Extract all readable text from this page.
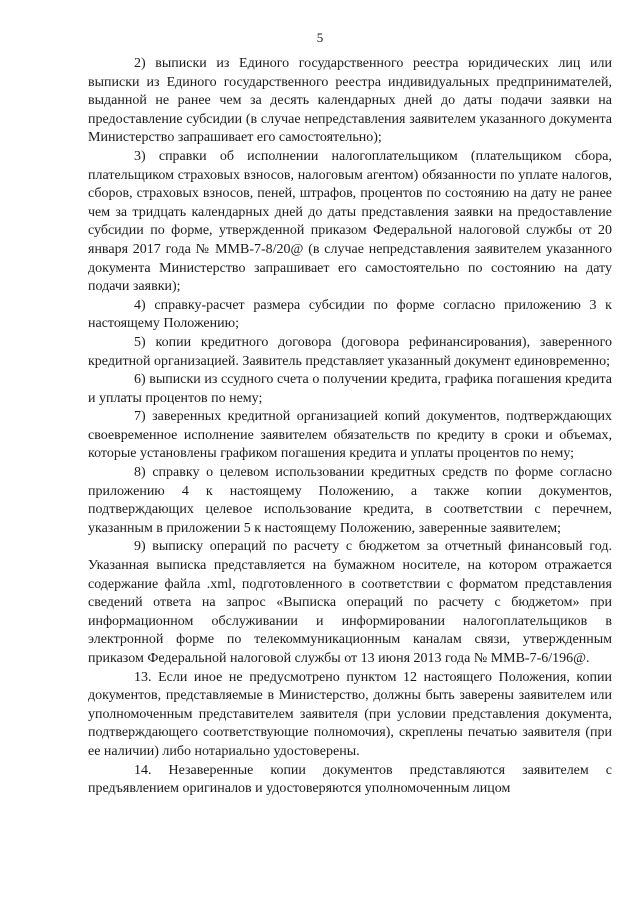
5

2) выписки из Единого государственного реестра юридических лиц или выписки из Единого государственного реестра индивидуальных предпринимателей, выданной не ранее чем за десять календарных дней до даты подачи заявки на предоставление субсидии (в случае непредставления заявителем указанного документа Министерство запрашивает его самостоятельно);

3) справки об исполнении налогоплательщиком (плательщиком сбора, плательщиком страховых взносов, налоговым агентом) обязанности по уплате налогов, сборов, страховых взносов, пеней, штрафов, процентов по состоянию на дату не ранее чем за тридцать календарных дней до даты представления заявки на предоставление субсидии по форме, утвержденной приказом Федеральной налоговой службы от 20 января 2017 года № ММВ-7-8/20@ (в случае непредставления заявителем указанного документа Министерство запрашивает его самостоятельно по состоянию на дату подачи заявки);

4) справку-расчет размера субсидии по форме согласно приложению 3 к настоящему Положению;

5) копии кредитного договора (договора рефинансирования), заверенного кредитной организацией. Заявитель представляет указанный документ единовременно;

6) выписки из ссудного счета о получении кредита, графика погашения кредита и уплаты процентов по нему;

7) заверенных кредитной организацией копий документов, подтверждающих своевременное исполнение заявителем обязательств по кредиту в сроки и объемах, которые установлены графиком погашения кредита и уплаты процентов по нему;

8) справку о целевом использовании кредитных средств по форме согласно приложению 4 к настоящему Положению, а также копии документов, подтверждающих целевое использование кредита, в соответствии с перечнем, указанным в приложении 5 к настоящему Положению, заверенные заявителем;

9) выписку операций по расчету с бюджетом за отчетный финансовый год. Указанная выписка представляется на бумажном носителе, на котором отражается содержание файла .xml, подготовленного в соответствии с форматом представления сведений ответа на запрос «Выписка операций по расчету с бюджетом» при информационном обслуживании и информировании налогоплательщиков в электронной форме по телекоммуникационным каналам связи, утвержденным приказом Федеральной налоговой службы от 13 июня 2013 года № ММВ-7-6/196@.

13. Если иное не предусмотрено пунктом 12 настоящего Положения, копии документов, представляемые в Министерство, должны быть заверены заявителем или уполномоченным представителем заявителя (при условии представления документа, подтверждающего соответствующие полномочия), скреплены печатью заявителя (при ее наличии) либо нотариально удостоверены.

14. Незаверенные копии документов представляются заявителем с предъявлением оригиналов и удостоверяются уполномоченным лицом
